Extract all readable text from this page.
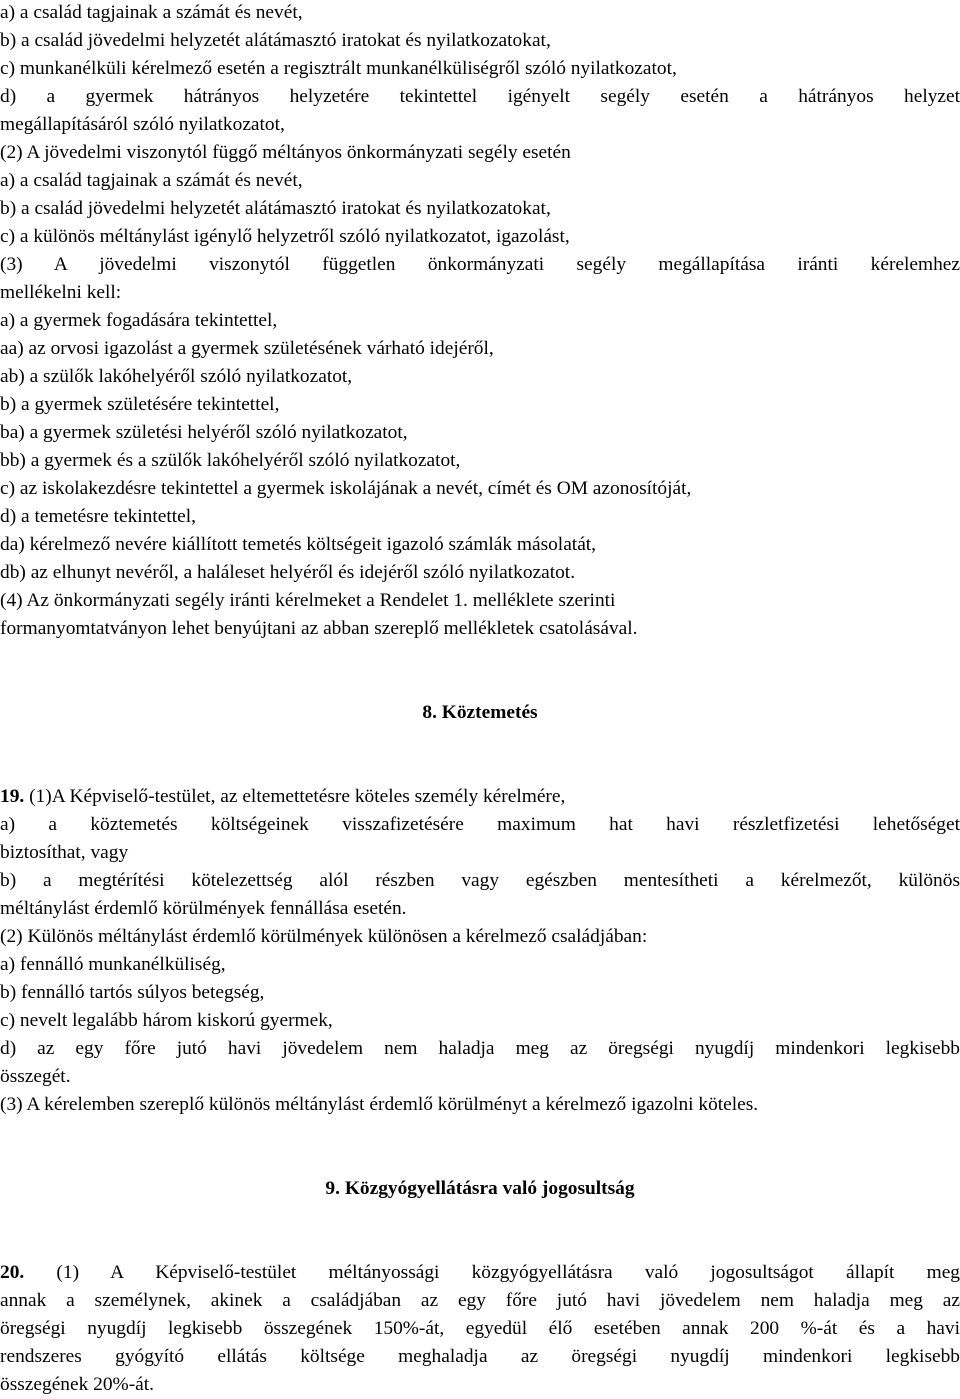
a) a család tagjainak a számát és nevét,

b) a család jövedelmi helyzetét alátámasztó iratokat és nyilatkozatokat,

c) munkanélküli kérelmező esetén a regisztrált munkanélküliségről szóló nyilatkozatot,

d) a gyermek hátrányos helyzetére tekintettel igényelt segély esetén a hátrányos helyzet

megállapításáról szóló nyilatkozatot,

(2) A jövedelmi viszonytól függő méltányos önkormányzati segély esetén

a) a család tagjainak a számát és nevét,

b) a család jövedelmi helyzetét alátámasztó iratokat és nyilatkozatokat,

c) a különös méltánylást igénylő helyzetről szóló nyilatkozatot, igazolást,

(3) A jövedelmi viszonytól független önkormányzati segély megállapítása iránti kérelemhez

mellékelni kell:

a) a gyermek fogadására tekintettel,

aa) az orvosi igazolást a gyermek születésének várható idejéről,

ab) a szülők lakóhelyéről szóló nyilatkozatot,

b) a gyermek születésére tekintettel,

ba) a gyermek születési helyéről szóló nyilatkozatot,

bb) a gyermek és a szülők lakóhelyéről szóló nyilatkozatot,

c) az iskolakezdésre tekintettel a gyermek iskolájának a nevét, címét és OM azonosítóját,

d) a temetésre tekintettel,

da) kérelmező nevére kiállított temetés költségeit igazoló számlák másolatát,

db) az elhunyt nevéről, a haláleset helyéről és idejéről szóló nyilatkozatot.

(4) Az önkormányzati segély iránti kérelmeket a Rendelet 1. melléklete szerinti

formanyomtatványon lehet benyújtani az abban szereplő mellékletek csatolásával.

8. Köztemetés

19. (1)A Képviselő-testület, az eltemettetésre köteles személy kérelmére,

a) a köztemetés költségeinek visszafizetésére maximum hat havi részletfizetési lehetőséget

biztosíthat, vagy

b) a megtérítési kötelezettség alól részben vagy egészben mentesítheti a kérelmezőt, különös

méltánylást érdemlő körülmények fennállása esetén.

(2) Különös méltánylást érdemlő körülmények különösen a kérelmező családjában:

a) fennálló munkanélküliség,

b) fennálló tartós súlyos betegség,

c) nevelt legalább három kiskorú gyermek,

d) az egy főre jutó havi jövedelem nem haladja meg az öregségi nyugdíj mindenkori legkisebb

összegét.

(3) A kérelemben szereplő különös méltánylást érdemlő körülményt a kérelmező igazolni köteles.

9. Közgyógyellátásra való jogosultság

20. (1) A Képviselő-testület méltányossági közgyógyellátásra való jogosultságot állapít meg

annak a személynek, akinek a családjában az egy főre jutó havi jövedelem nem haladja meg az

öregségi nyugdíj legkisebb összegének 150%-át, egyedül élő esetében annak 200 %-át és a havi

rendszeres gyógyító ellátás költsége meghaladja az öregségi nyugdíj mindenkori legkisebb

összegének 20%-át.
